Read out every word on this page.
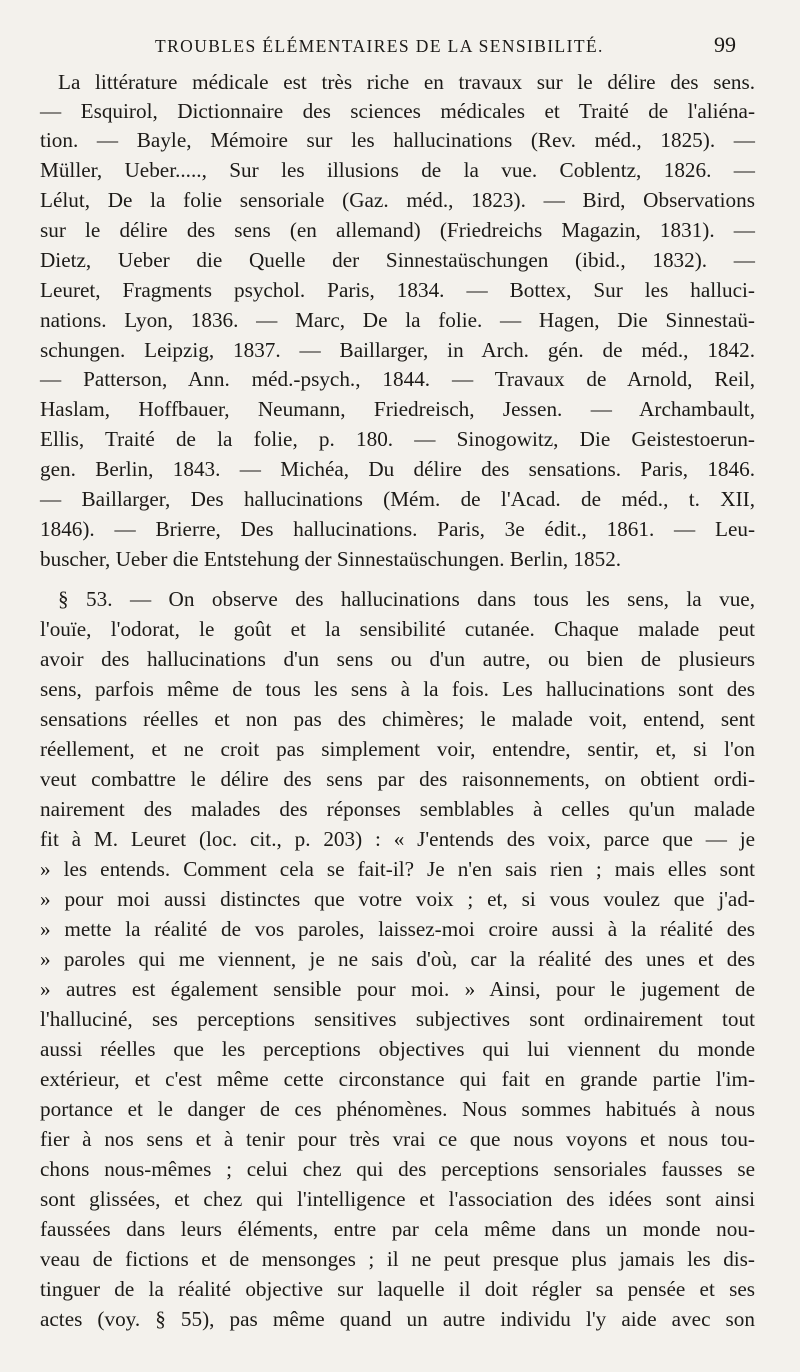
TROUBLES ÉLÉMENTAIRES DE LA SENSIBILITÉ.	99
La littérature médicale est très riche en travaux sur le délire des sens.
— Esquirol, Dictionnaire des sciences médicales et Traité de l'aliéna-
tion. — Bayle, Mémoire sur les hallucinations (Rev. méd., 1825). —
Müller, Ueber....., Sur les illusions de la vue. Coblentz, 1826. —
Lélut, De la folie sensoriale (Gaz. méd., 1823). — Bird, Observations
sur le délire des sens (en allemand) (Friedreichs Magazin, 1831). —
Dietz, Ueber die Quelle der Sinnestaüschungen (ibid., 1832). —
Leuret, Fragments psychol. Paris, 1834. — Bottex, Sur les halluci-
nations. Lyon, 1836. — Marc, De la folie. — Hagen, Die Sinnestaü-
schungen. Leipzig, 1837. — Baillarger, in Arch. gén. de méd., 1842.
— Patterson, Ann. méd.-psych., 1844. — Travaux de Arnold, Reil,
Haslam, Hoffbauer, Neumann, Friedreisch, Jessen. — Archambault,
Ellis, Traité de la folie, p. 180. — Sinogowitz, Die Geistestoerun-
gen. Berlin, 1843. — Michéa, Du délire des sensations. Paris, 1846.
— Baillarger, Des hallucinations (Mém. de l'Acad. de méd., t. XII,
1846). — Brierre, Des hallucinations. Paris, 3e édit., 1861. — Leu-
buscher, Ueber die Entstehung der Sinnestaüschungen. Berlin, 1852.
§ 53. — On observe des hallucinations dans tous les sens, la vue,
l'ouïe, l'odorat, le goût et la sensibilité cutanée. Chaque malade peut
avoir des hallucinations d'un sens ou d'un autre, ou bien de plusieurs
sens, parfois même de tous les sens à la fois. Les hallucinations sont des
sensations réelles et non pas des chimères; le malade voit, entend, sent
réellement, et ne croit pas simplement voir, entendre, sentir, et, si l'on
veut combattre le délire des sens par des raisonnements, on obtient ordi-
nairement des malades des réponses semblables à celles qu'un malade
fit à M. Leuret (loc. cit., p. 203) : « J'entends des voix, parce que — je
» les entends. Comment cela se fait-il? Je n'en sais rien ; mais elles sont
» pour moi aussi distinctes que votre voix ; et, si vous voulez que j'ad-
» mette la réalité de vos paroles, laissez-moi croire aussi à la réalité des
» paroles qui me viennent, je ne sais d'où, car la réalité des unes et des
» autres est également sensible pour moi. » Ainsi, pour le jugement de
l'halluciné, ses perceptions sensitives subjectives sont ordinairement tout
aussi réelles que les perceptions objectives qui lui viennent du monde
extérieur, et c'est même cette circonstance qui fait en grande partie l'im-
portance et le danger de ces phénomènes. Nous sommes habitués à nous
fier à nos sens et à tenir pour très vrai ce que nous voyons et nous tou-
chons nous-mêmes ; celui chez qui des perceptions sensoriales fausses se
sont glissées, et chez qui l'intelligence et l'association des idées sont ainsi
faussées dans leurs éléments, entre par cela même dans un monde nou-
veau de fictions et de mensonges ; il ne peut presque plus jamais les dis-
tinguer de la réalité objective sur laquelle il doit régler sa pensée et ses
actes (voy. § 55), pas même quand un autre individu l'y aide avec son
